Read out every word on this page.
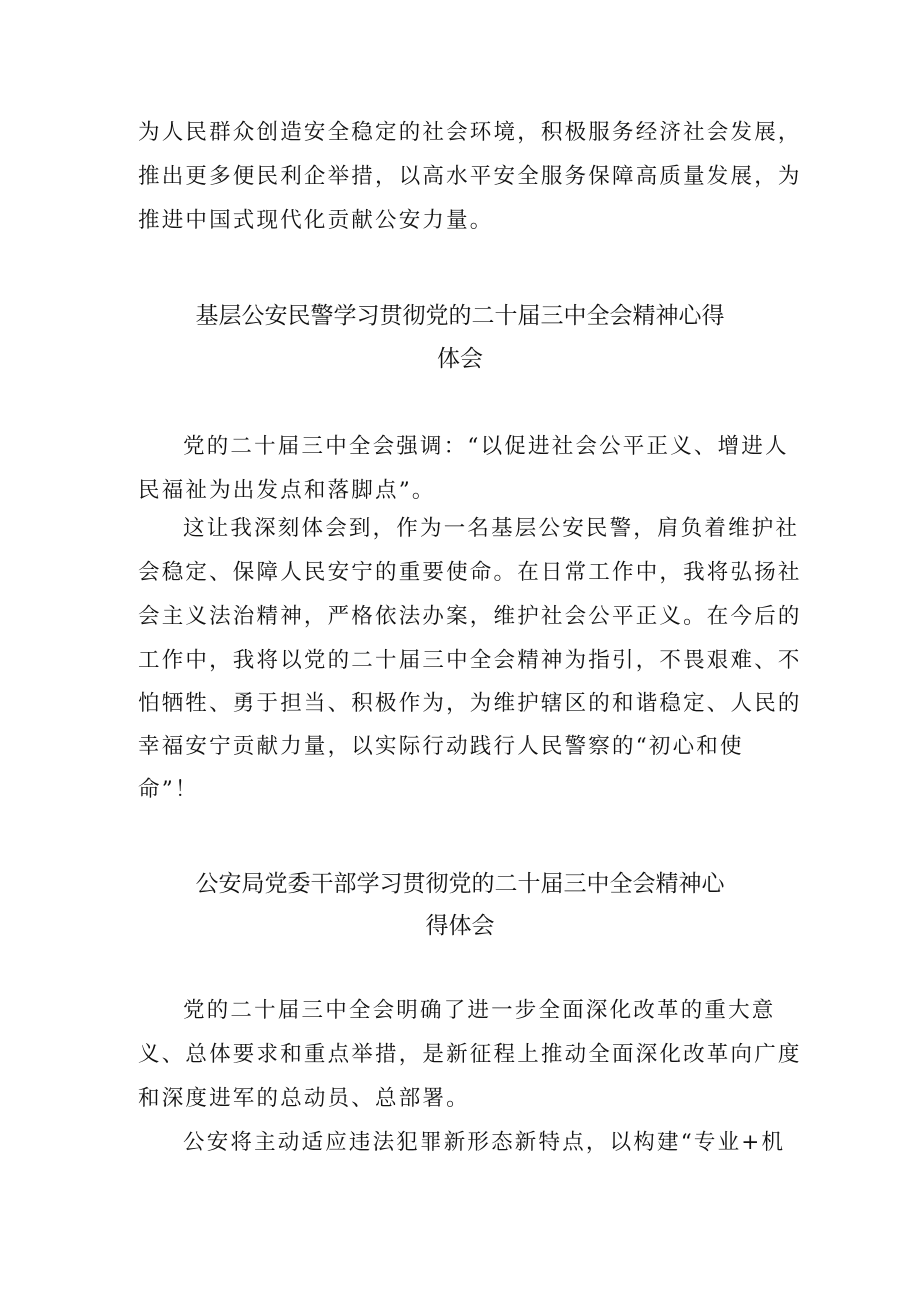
为人民群众创造安全稳定的社会环境，积极服务经济社会发展，
推出更多便民利企举措，以高水平安全服务保障高质量发展，为
推进中国式现代化贡献公安力量。
基层公安民警学习贯彻党的二十届三中全会精神心得
体会
党的二十届三中全会强调：“以促进社会公平正义、增进人
民福祉为出发点和落脚点”。
这让我深刻体会到，作为一名基层公安民警，肩负着维护社
会稳定、保障人民安宁的重要使命。在日常工作中，我将弘扬社
会主义法治精神，严格依法办案，维护社会公平正义。在今后的
工作中，我将以党的二十届三中全会精神为指引，不畏艰难、不
怕牺牲、勇于担当、积极作为，为维护辖区的和谐稳定、人民的
幸福安宁贡献力量，以实际行动践行人民警察的“初心和使
命”！
公安局党委干部学习贯彻党的二十届三中全会精神心
得体会
党的二十届三中全会明确了进一步全面深化改革的重大意
义、总体要求和重点举措，是新征程上推动全面深化改革向广度
和深度进军的总动员、总部署。
公安将主动适应违法犯罪新形态新特点，以构建“专业+机
